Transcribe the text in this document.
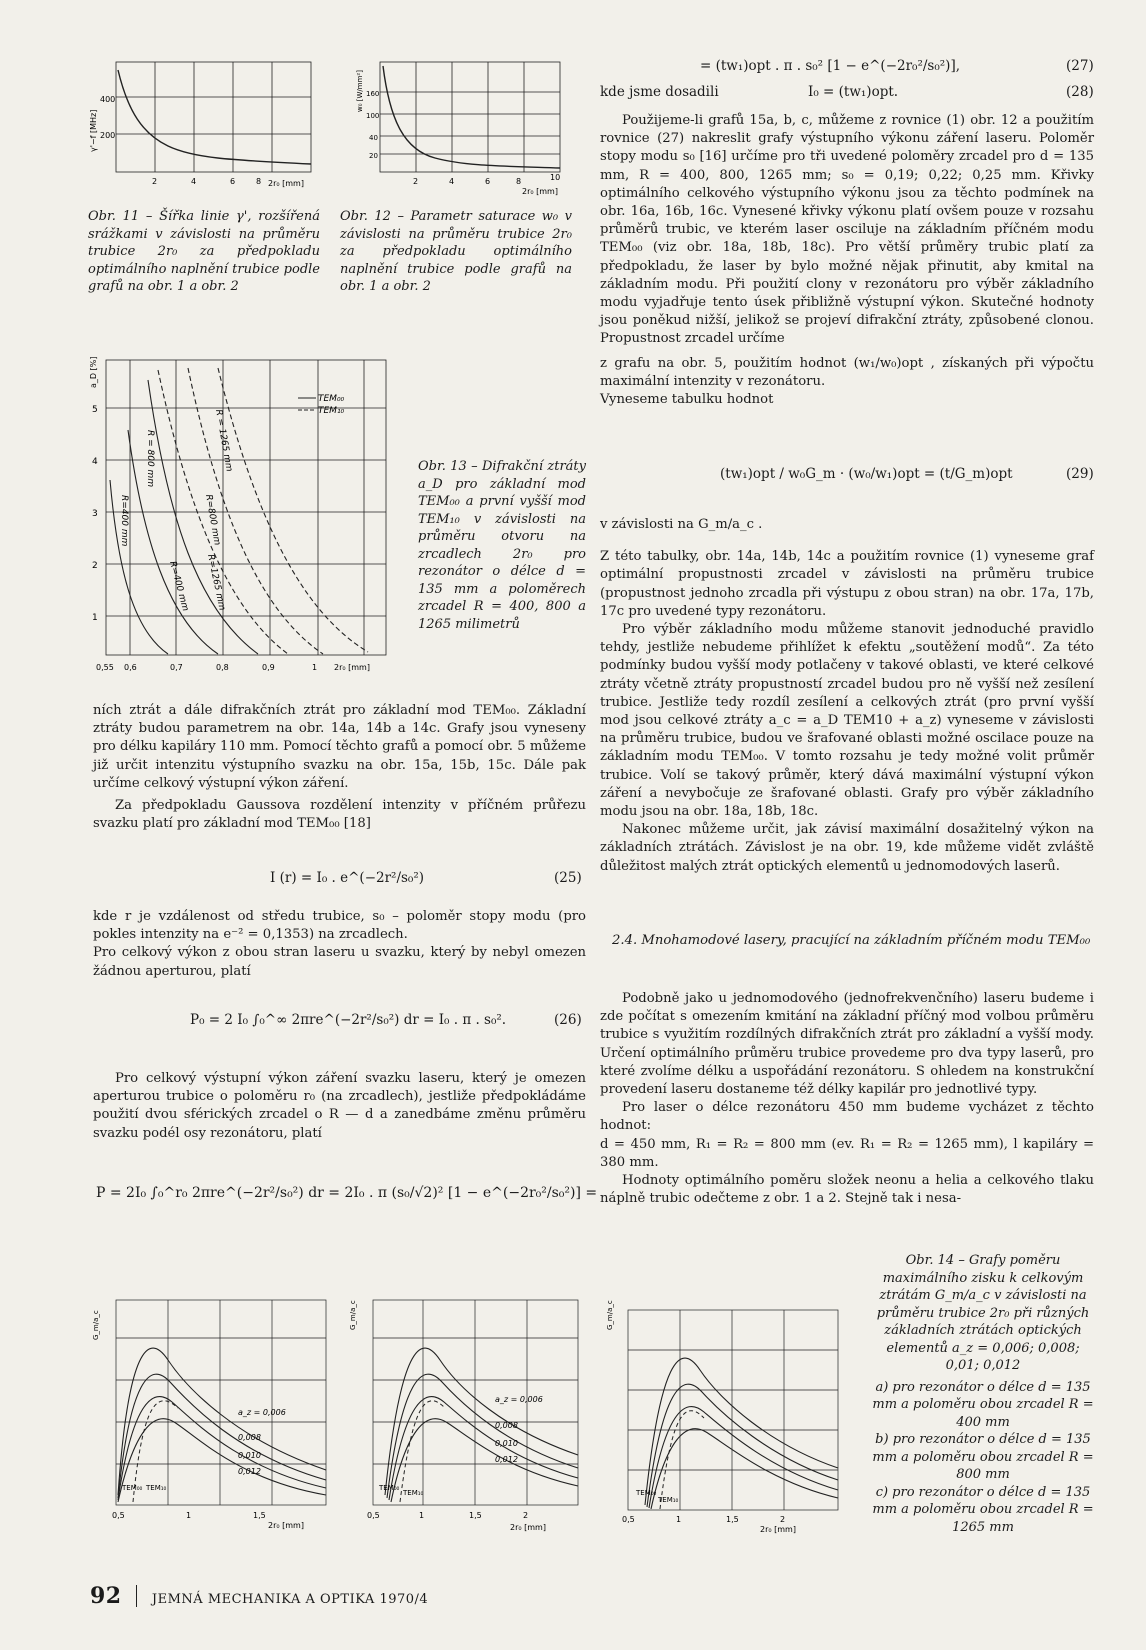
400
200
γ'−f [MHz]
2	4	6	8 2r₀ [mm]
Obr. 11 – Šířka linie γ', rozšířená srážkami v závislosti na průměru trubice 2r₀ za předpokladu optimálního naplnění trubice podle grafů na obr. 1 a obr. 2
160
100
40
20
w₀ [W/mm²]
2	4	6	8	10
2r₀ [mm]
Obr. 12 – Parametr saturace w₀ v závislosti na průměru trubice 2r₀ za předpokladu optimálního naplnění trubice podle grafů na obr. 1 a obr. 2
TEM₀₀
TEM₁₀
R = 800 mm	R = 1265 mm
R=400 mm	R=800 mm
R=1265 mm
R=400 mm
5
4
3
2
1
a_D [%]
0,55 0,6	0,7	0,8	0,9	1 2r₀ [mm]
Obr. 13 – Difrakční ztráty a_D pro základní mod TEM₀₀ a první vyšší mod TEM₁₀ v závislosti na průměru otvoru na zrcadlech 2r₀ pro rezonátor o délce d = 135 mm a poloměrech zrcadel R = 400, 800 a 1265 milimetrů

ních ztrát a dále difrakčních ztrát pro základní mod TEM₀₀. Základní ztráty budou parametrem na obr. 14a, 14b a 14c. Grafy jsou vyneseny pro délku kapiláry 110 mm. Pomocí těchto grafů a pomocí obr. 5 můžeme již určit intenzitu výstupního svazku na obr. 15a, 15b, 15c. Dále pak určíme celkový výstupní výkon záření.

Za předpokladu Gaussova rozdělení intenzity v příčném průřezu svazku platí pro základní mod TEM₀₀ [18]

I (r) = I₀ . e^(−2r²/s₀²)	(25)

kde r je vzdálenost od středu trubice, s₀ – poloměr stopy modu (pro pokles intenzity na e⁻² = 0,1353) na zrcadlech.

Pro celkový výkon z obou stran laseru u svazku, který by nebyl omezen žádnou aperturou, platí

P₀ = 2 I₀ ∫₀^∞ 2πre^(−2r²/s₀²) dr = I₀ . π . s₀².	(26)

Pro celkový výstupní výkon záření svazku laseru, který je omezen aperturou trubice o poloměru r₀ (na zrcadlech), jestliže předpokládáme použití dvou sférických zrcadel o R — d a zanedbáme změnu průměru svazku podél osy rezonátoru, platí

P = 2I₀ ∫₀^r₀ 2πre^(−2r²/s₀²) dr = 2I₀ . π (s₀/√2)² [1 − e^(−2r₀²/s₀²)] =
a_z = 0,006
0,008
0,010
0,012
TEM₀₀ TEM₁₀
G_m/a_c
0,5	1	1,5
2r₀ [mm]
a_z = 0,006
0,008
0,010
0,012
TEM₀₀
TEM₁₀
G_m/a_c
0,5	1	1,5	2
2r₀ [mm]
= (tw₁)opt . π . s₀² [1 − e^(−2r₀²/s₀²)],	(27)
kde jsme dosadili	I₀ = (tw₁)opt.	(28)

Použijeme-li grafů 15a, b, c, můžeme z rovnice (1) obr. 12 a použitím rovnice (27) nakreslit grafy výstupního výkonu záření laseru. Poloměr stopy modu s₀ [16] určíme pro tři uvedené poloměry zrcadel pro d = 135 mm, R = 400, 800, 1265 mm; s₀ = 0,19; 0,22; 0,25 mm. Křivky optimálního celkového výstupního výkonu jsou za těchto podmínek na obr. 16a, 16b, 16c. Vynesené křivky výkonu platí ovšem pouze v rozsahu průměrů trubic, ve kterém laser osciluje na základním příčném modu TEM₀₀ (viz obr. 18a, 18b, 18c). Pro větší průměry trubic platí za předpokladu, že laser by bylo možné nějak přinutit, aby kmital na základním modu. Při použití clony v rezonátoru pro výběr základního modu vyjadřuje tento úsek přibližně výstupní výkon. Skutečné hodnoty jsou poněkud nižší, jelikož se projeví difrakční ztráty, způsobené clonou. Propustnost zrcadel určíme

z grafu na obr. 5, použitím hodnot (w₁/w₀)opt , získaných při výpočtu maximální intenzity v rezonátoru.

Vyneseme tabulku hodnot

(tw₁)opt / w₀G_m · (w₀/w₁)opt = (t/G_m)opt	(29)

v závislosti na G_m/a_c .

Z této tabulky, obr. 14a, 14b, 14c a použitím rovnice (1) vyneseme graf optimální propustnosti zrcadel v závislosti na průměru trubice (propustnost jednoho zrcadla při výstupu z obou stran) na obr. 17a, 17b, 17c pro uvedené typy rezonátoru.

Pro výběr základního modu můžeme stanovit jednoduché pravidlo tehdy, jestliže nebudeme přihlížet k efektu „soutěžení modů“. Za této podmínky budou vyšší mody potlačeny v takové oblasti, ve které celkové ztráty včetně ztráty propustností zrcadel budou pro ně vyšší než zesílení trubice. Jestliže tedy rozdíl zesílení a celkových ztrát (pro první vyšší mod jsou celkové ztráty a_c = a_D TEM10 + a_z) vyneseme v závislosti na průměru trubice, budou ve šrafované oblasti možné oscilace pouze na základním modu TEM₀₀. V tomto rozsahu je tedy možné volit průměr trubice. Volí se takový průměr, který dává maximální výstupní výkon záření a nevybočuje ze šrafované oblasti. Grafy pro výběr základního modu jsou na obr. 18a, 18b, 18c.

Nakonec můžeme určit, jak závisí maximální dosažitelný výkon na základních ztrátách. Závislost je na obr. 19, kde můžeme vidět zvláště důležitost malých ztrát optických elementů u jednomodových laserů.

2.4. Mnohamodové lasery, pracující na základním příčném modu TEM₀₀

Podobně jako u jednomodového (jednofrekvenčního) laseru budeme i zde počítat s omezením kmitání na základní příčný mod volbou průměru trubice s využitím rozdílných difrakčních ztrát pro základní a vyšší mody. Určení optimálního průměru trubice provedeme pro dva typy laserů, pro které zvolíme délku a uspořádání rezonátoru. S ohledem na konstrukční provedení laseru dostaneme též délky kapilár pro jednotlivé typy.

Pro laser o délce rezonátoru 450 mm budeme vycházet z těchto hodnot:

d = 450 mm, R₁ = R₂ = 800 mm (ev. R₁ = R₂ = 1265 mm), l kapiláry = 380 mm.

Hodnoty optimálního poměru složek neonu a helia a celkového tlaku náplně trubic odečteme z obr. 1 a 2. Stejně tak i nesa-

TEM₀₀
TEM₁₀
G_m/a_c
0,5	1	1,5	2
2r₀ [mm]
Obr. 14 – Grafy poměru maximálního zisku k celkovým ztrátám G_m/a_c v závislosti na průměru trubice 2r₀ při různých základních ztrátách optických elementů a_z = 0,006; 0,008; 0,01; 0,012
a) pro rezonátor o délce d = 135 mm a poloměru obou zrcadel R = 400 mm
b) pro rezonátor o délce d = 135 mm a poloměru obou zrcadel R = 800 mm
c) pro rezonátor o délce d = 135 mm a poloměru obou zrcadel R = 1265 mm
92 JEMNÁ MECHANIKA A OPTIKA 1970/4
